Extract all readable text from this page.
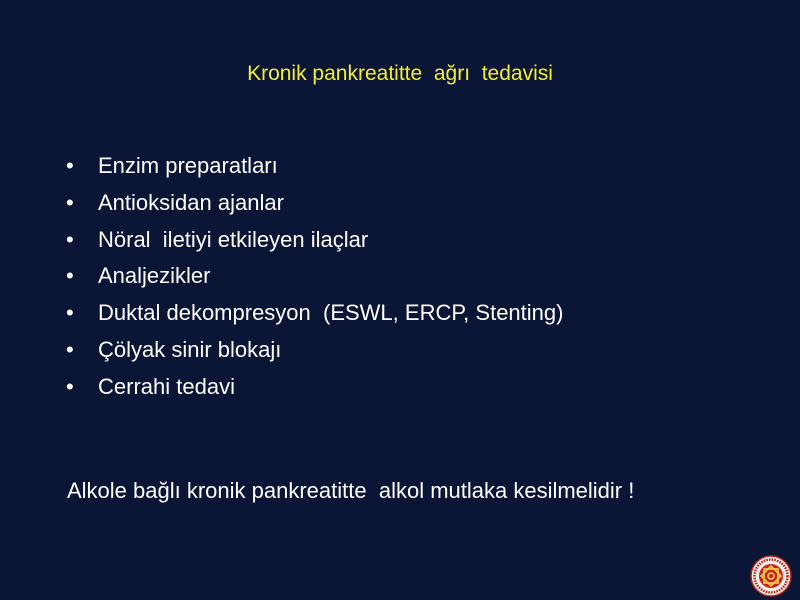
Kronik pankreatitte  ağrı  tedavisi
•	Enzim preparatları
•	Antioksidan ajanlar
•	Nöral  iletiyi etkileyen ilaçlar
•	Analjezikler
•	Duktal dekompresyon  (ESWL, ERCP, Stenting)
•	Çölyak sinir blokajı
•	Cerrahi tedavi
Alkole bağlı kronik pankreatitte  alkol mutlaka kesilmelidir !
